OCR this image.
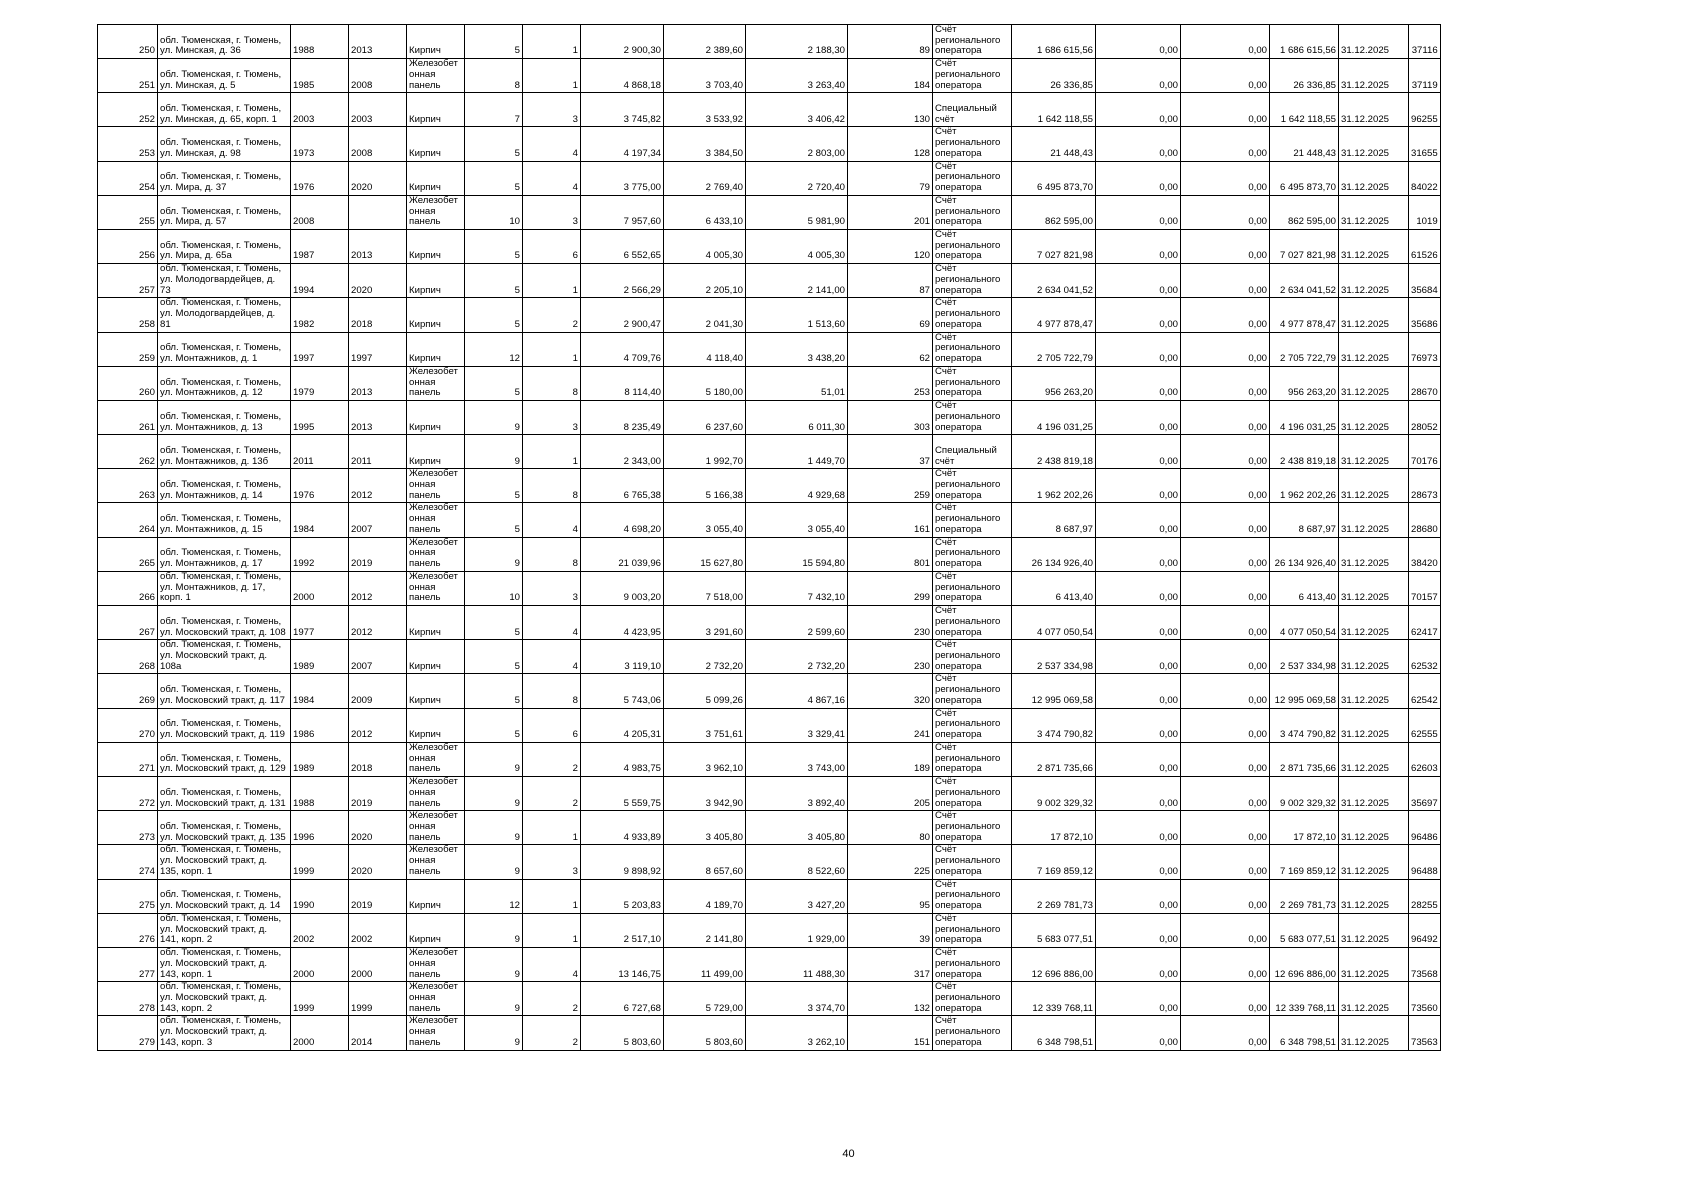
250	обл. Тюменская, г. Тюмень,
ул. Минская, д. 36	1988	2013	Кирпич	5	1	2 900,30	2 389,60	2 188,30	89	Счёт
регионального
оператора	1 686 615,56	0,00	0,00	1 686 615,56	31.12.2025	37116
251	обл. Тюменская, г. Тюмень,
ул. Минская, д. 5	1985	2008	Железобет
онная
панель	8	1	4 868,18	3 703,40	3 263,40	184	Счёт
регионального
оператора	26 336,85	0,00	0,00	26 336,85	31.12.2025	37119
252	обл. Тюменская, г. Тюмень,
ул. Минская, д. 65, корп. 1	2003	2003	Кирпич	7	3	3 745,82	3 533,92	3 406,42	130	Специальный
счёт	1 642 118,55	0,00	0,00	1 642 118,55	31.12.2025	96255
253	обл. Тюменская, г. Тюмень,
ул. Минская, д. 98	1973	2008	Кирпич	5	4	4 197,34	3 384,50	2 803,00	128	Счёт
регионального
оператора	21 448,43	0,00	0,00	21 448,43	31.12.2025	31655
254	обл. Тюменская, г. Тюмень,
ул. Мира, д. 37	1976	2020	Кирпич	5	4	3 775,00	2 769,40	2 720,40	79	Счёт
регионального
оператора	6 495 873,70	0,00	0,00	6 495 873,70	31.12.2025	84022
255	обл. Тюменская, г. Тюмень,
ул. Мира, д. 57	2008		Железобет
онная
панель	10	3	7 957,60	6 433,10	5 981,90	201	Счёт
регионального
оператора	862 595,00	0,00	0,00	862 595,00	31.12.2025	1019
256	обл. Тюменская, г. Тюмень,
ул. Мира, д. 65а	1987	2013	Кирпич	5	6	6 552,65	4 005,30	4 005,30	120	Счёт
регионального
оператора	7 027 821,98	0,00	0,00	7 027 821,98	31.12.2025	61526
257	обл. Тюменская, г. Тюмень,
ул. Молодогвардейцев, д. 73	1994	2020	Кирпич	5	1	2 566,29	2 205,10	2 141,00	87	Счёт
регионального
оператора	2 634 041,52	0,00	0,00	2 634 041,52	31.12.2025	35684
258	обл. Тюменская, г. Тюмень,
ул. Молодогвардейцев, д. 81	1982	2018	Кирпич	5	2	2 900,47	2 041,30	1 513,60	69	Счёт
регионального
оператора	4 977 878,47	0,00	0,00	4 977 878,47	31.12.2025	35686
259	обл. Тюменская, г. Тюмень,
ул. Монтажников, д. 1	1997	1997	Кирпич	12	1	4 709,76	4 118,40	3 438,20	62	Счёт
регионального
оператора	2 705 722,79	0,00	0,00	2 705 722,79	31.12.2025	76973
260	обл. Тюменская, г. Тюмень,
ул. Монтажников, д. 12	1979	2013	Железобет
онная
панель	5	8	8 114,40	5 180,00	51,01	253	Счёт
регионального
оператора	956 263,20	0,00	0,00	956 263,20	31.12.2025	28670
261	обл. Тюменская, г. Тюмень,
ул. Монтажников, д. 13	1995	2013	Кирпич	9	3	8 235,49	6 237,60	6 011,30	303	Счёт
регионального
оператора	4 196 031,25	0,00	0,00	4 196 031,25	31.12.2025	28052
262	обл. Тюменская, г. Тюмень,
ул. Монтажников, д. 13б	2011	2011	Кирпич	9	1	2 343,00	1 992,70	1 449,70	37	Специальный
счёт	2 438 819,18	0,00	0,00	2 438 819,18	31.12.2025	70176
263	обл. Тюменская, г. Тюмень,
ул. Монтажников, д. 14	1976	2012	Железобет
онная
панель	5	8	6 765,38	5 166,38	4 929,68	259	Счёт
регионального
оператора	1 962 202,26	0,00	0,00	1 962 202,26	31.12.2025	28673
264	обл. Тюменская, г. Тюмень,
ул. Монтажников, д. 15	1984	2007	Железобет
онная
панель	5	4	4 698,20	3 055,40	3 055,40	161	Счёт
регионального
оператора	8 687,97	0,00	0,00	8 687,97	31.12.2025	28680
265	обл. Тюменская, г. Тюмень,
ул. Монтажников, д. 17	1992	2019	Железобет
онная
панель	9	8	21 039,96	15 627,80	15 594,80	801	Счёт
регионального
оператора	26 134 926,40	0,00	0,00	26 134 926,40	31.12.2025	38420
266	обл. Тюменская, г. Тюмень,
ул. Монтажников, д. 17,
корп. 1	2000	2012	Железобет
онная
панель	10	3	9 003,20	7 518,00	7 432,10	299	Счёт
регионального
оператора	6 413,40	0,00	0,00	6 413,40	31.12.2025	70157
267	обл. Тюменская, г. Тюмень,
ул. Московский тракт, д. 108	1977	2012	Кирпич	5	4	4 423,95	3 291,60	2 599,60	230	Счёт
регионального
оператора	4 077 050,54	0,00	0,00	4 077 050,54	31.12.2025	62417
268	обл. Тюменская, г. Тюмень,
ул. Московский тракт, д.
108а	1989	2007	Кирпич	5	4	3 119,10	2 732,20	2 732,20	230	Счёт
регионального
оператора	2 537 334,98	0,00	0,00	2 537 334,98	31.12.2025	62532
269	обл. Тюменская, г. Тюмень,
ул. Московский тракт, д. 117	1984	2009	Кирпич	5	8	5 743,06	5 099,26	4 867,16	320	Счёт
регионального
оператора	12 995 069,58	0,00	0,00	12 995 069,58	31.12.2025	62542
270	обл. Тюменская, г. Тюмень,
ул. Московский тракт, д. 119	1986	2012	Кирпич	5	6	4 205,31	3 751,61	3 329,41	241	Счёт
регионального
оператора	3 474 790,82	0,00	0,00	3 474 790,82	31.12.2025	62555
271	обл. Тюменская, г. Тюмень,
ул. Московский тракт, д. 129	1989	2018	Железобет
онная
панель	9	2	4 983,75	3 962,10	3 743,00	189	Счёт
регионального
оператора	2 871 735,66	0,00	0,00	2 871 735,66	31.12.2025	62603
272	обл. Тюменская, г. Тюмень,
ул. Московский тракт, д. 131	1988	2019	Железобет
онная
панель	9	2	5 559,75	3 942,90	3 892,40	205	Счёт
регионального
оператора	9 002 329,32	0,00	0,00	9 002 329,32	31.12.2025	35697
273	обл. Тюменская, г. Тюмень,
ул. Московский тракт, д. 135	1996	2020	Железобет
онная
панель	9	1	4 933,89	3 405,80	3 405,80	80	Счёт
регионального
оператора	17 872,10	0,00	0,00	17 872,10	31.12.2025	96486
274	обл. Тюменская, г. Тюмень,
ул. Московский тракт, д.
135, корп. 1	1999	2020	Железобет
онная
панель	9	3	9 898,92	8 657,60	8 522,60	225	Счёт
регионального
оператора	7 169 859,12	0,00	0,00	7 169 859,12	31.12.2025	96488
275	обл. Тюменская, г. Тюмень,
ул. Московский тракт, д. 14	1990	2019	Кирпич	12	1	5 203,83	4 189,70	3 427,20	95	Счёт
регионального
оператора	2 269 781,73	0,00	0,00	2 269 781,73	31.12.2025	28255
276	обл. Тюменская, г. Тюмень,
ул. Московский тракт, д.
141, корп. 2	2002	2002	Кирпич	9	1	2 517,10	2 141,80	1 929,00	39	Счёт
регионального
оператора	5 683 077,51	0,00	0,00	5 683 077,51	31.12.2025	96492
277	обл. Тюменская, г. Тюмень,
ул. Московский тракт, д.
143, корп. 1	2000	2000	Железобет
онная
панель	9	4	13 146,75	11 499,00	11 488,30	317	Счёт
регионального
оператора	12 696 886,00	0,00	0,00	12 696 886,00	31.12.2025	73568
278	обл. Тюменская, г. Тюмень,
ул. Московский тракт, д.
143, корп. 2	1999	1999	Железобет
онная
панель	9	2	6 727,68	5 729,00	3 374,70	132	Счёт
регионального
оператора	12 339 768,11	0,00	0,00	12 339 768,11	31.12.2025	73560
279	обл. Тюменская, г. Тюмень,
ул. Московский тракт, д.
143, корп. 3	2000	2014	Железобет
онная
панель	9	2	5 803,60	5 803,60	3 262,10	151	Счёт
регионального
оператора	6 348 798,51	0,00	0,00	6 348 798,51	31.12.2025	73563
40
